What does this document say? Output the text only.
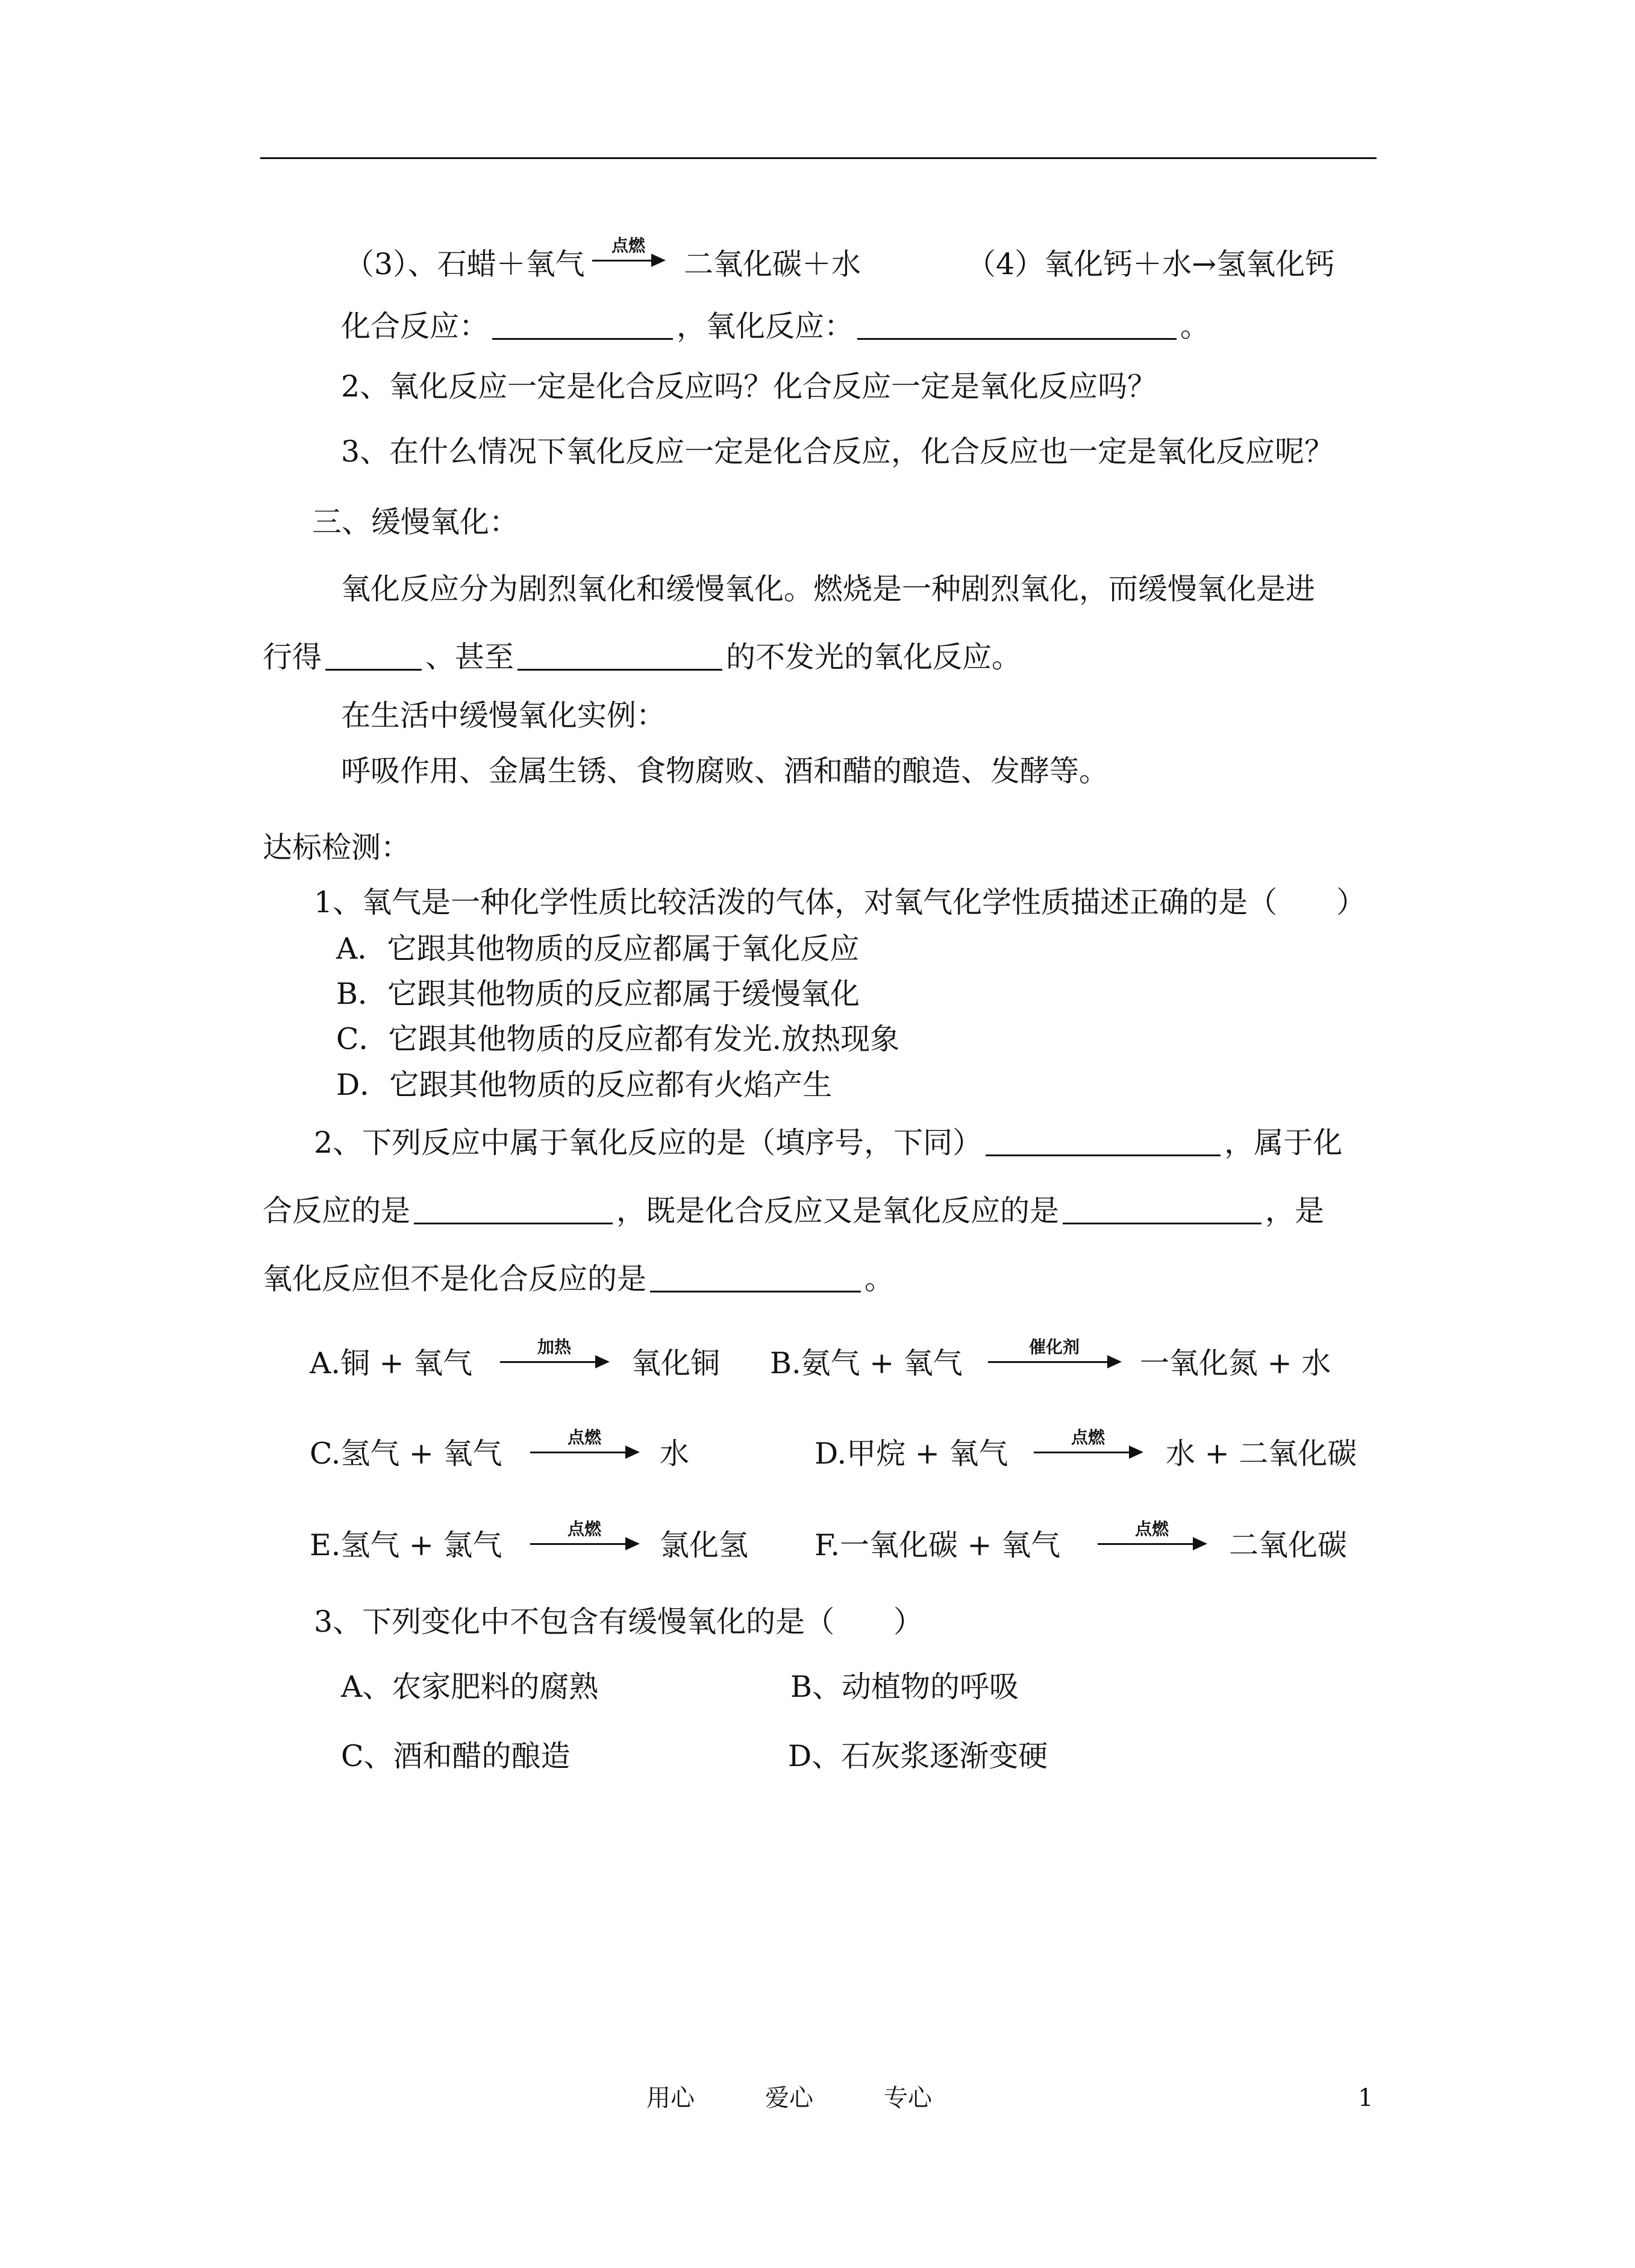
（3）、石蜡＋氧气
点燃
二氧化碳＋水	（4）氧化钙＋水→氢氧化钙
化合反应：	，氧化反应：	。
2、氧化反应一定是化合反应吗？化合反应一定是氧化反应吗？
3、在什么情况下氧化反应一定是化合反应，化合反应也一定是氧化反应呢？
三、缓慢氧化：
氧化反应分为剧烈氧化和缓慢氧化。燃烧是一种剧烈氧化，而缓慢氧化是进
行得	、甚至	的不发光的氧化反应。
在生活中缓慢氧化实例：
呼吸作用、金属生锈、食物腐败、酒和醋的酿造、发酵等。
达标检测：
1、氧气是一种化学性质比较活泼的气体，对氧气化学性质描述正确的是（　　）
A．它跟其他物质的反应都属于氧化反应
B．它跟其他物质的反应都属于缓慢氧化
C．它跟其他物质的反应都有发光.放热现象
D．它跟其他物质的反应都有火焰产生
2、下列反应中属于氧化反应的是（填序号，下同）	，属于化
合反应的是	，既是化合反应又是氧化反应的是	，是
氧化反应但不是化合反应的是	。
A.铜 + 氧气	加热	氧化铜 B.氨气 + 氧气	催化剂	一氧化氮 + 水
C.氢气 + 氧气	点燃	水	D.甲烷 + 氧气	点燃	水 + 二氧化碳
E.氢气 + 氯气	点燃	氯化氢 F.一氧化碳 + 氧气	点燃	二氧化碳
3、下列变化中不包含有缓慢氧化的是（　　）
A、农家肥料的腐熟	B、动植物的呼吸
C、酒和醋的酿造	D、石灰浆逐渐变硬
用心	爱心	专心	1
